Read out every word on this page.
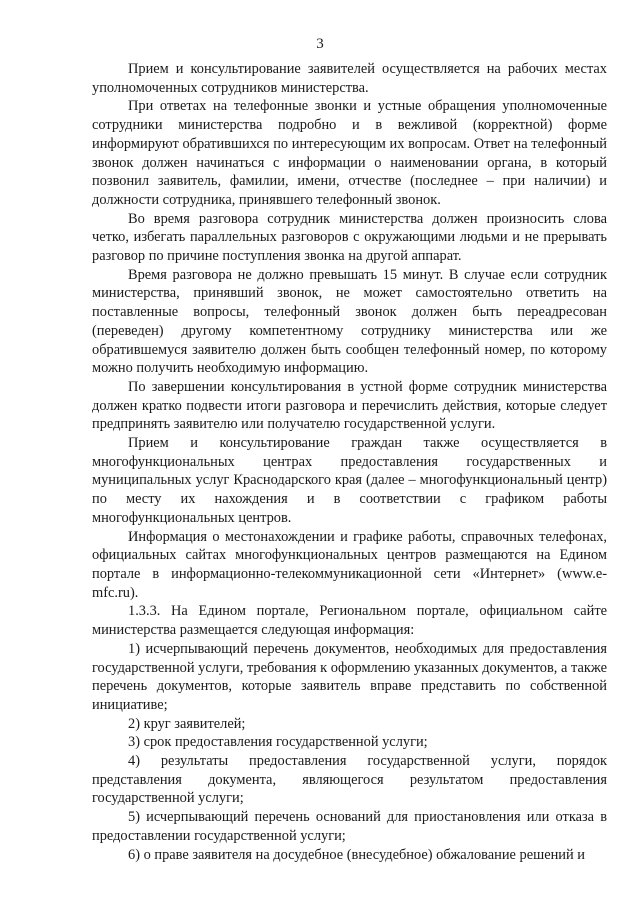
3

Прием и консультирование заявителей осуществляется на рабочих местах уполномоченных сотрудников министерства.

При ответах на телефонные звонки и устные обращения уполномоченные сотрудники министерства подробно и в вежливой (корректной) форме информируют обратившихся по интересующим их вопросам. Ответ на телефонный звонок должен начинаться с информации о наименовании органа, в который позвонил заявитель, фамилии, имени, отчестве (последнее – при наличии) и должности сотрудника, принявшего телефонный звонок.

Во время разговора сотрудник министерства должен произносить слова четко, избегать параллельных разговоров с окружающими людьми и не прерывать разговор по причине поступления звонка на другой аппарат.

Время разговора не должно превышать 15 минут. В случае если сотрудник министерства, принявший звонок, не может самостоятельно ответить на поставленные вопросы, телефонный звонок должен быть переадресован (переведен) другому компетентному сотруднику министерства или же обратившемуся заявителю должен быть сообщен телефонный номер, по которому можно получить необходимую информацию.

По завершении консультирования в устной форме сотрудник министерства должен кратко подвести итоги разговора и перечислить действия, которые следует предпринять заявителю или получателю государственной услуги.

Прием и консультирование граждан также осуществляется в многофункциональных центрах предоставления государственных и муниципальных услуг Краснодарского края (далее – многофункциональный центр) по месту их нахождения и в соответствии с графиком работы многофункциональных центров.

Информация о местонахождении и графике работы, справочных телефонах, официальных сайтах многофункциональных центров размещаются на Едином портале в информационно-телекоммуникационной сети «Интернет» (www.e-mfc.ru).

1.3.3. На Едином портале, Региональном портале, официальном сайте министерства размещается следующая информация:

1) исчерпывающий перечень документов, необходимых для предоставления государственной услуги, требования к оформлению указанных документов, а также перечень документов, которые заявитель вправе представить по собственной инициативе;

2) круг заявителей;

3) срок предоставления государственной услуги;

4) результаты предоставления государственной услуги, порядок представления документа, являющегося результатом предоставления государственной услуги;

5) исчерпывающий перечень оснований для приостановления или отказа в предоставлении государственной услуги;

6) о праве заявителя на досудебное (внесудебное) обжалование решений и
